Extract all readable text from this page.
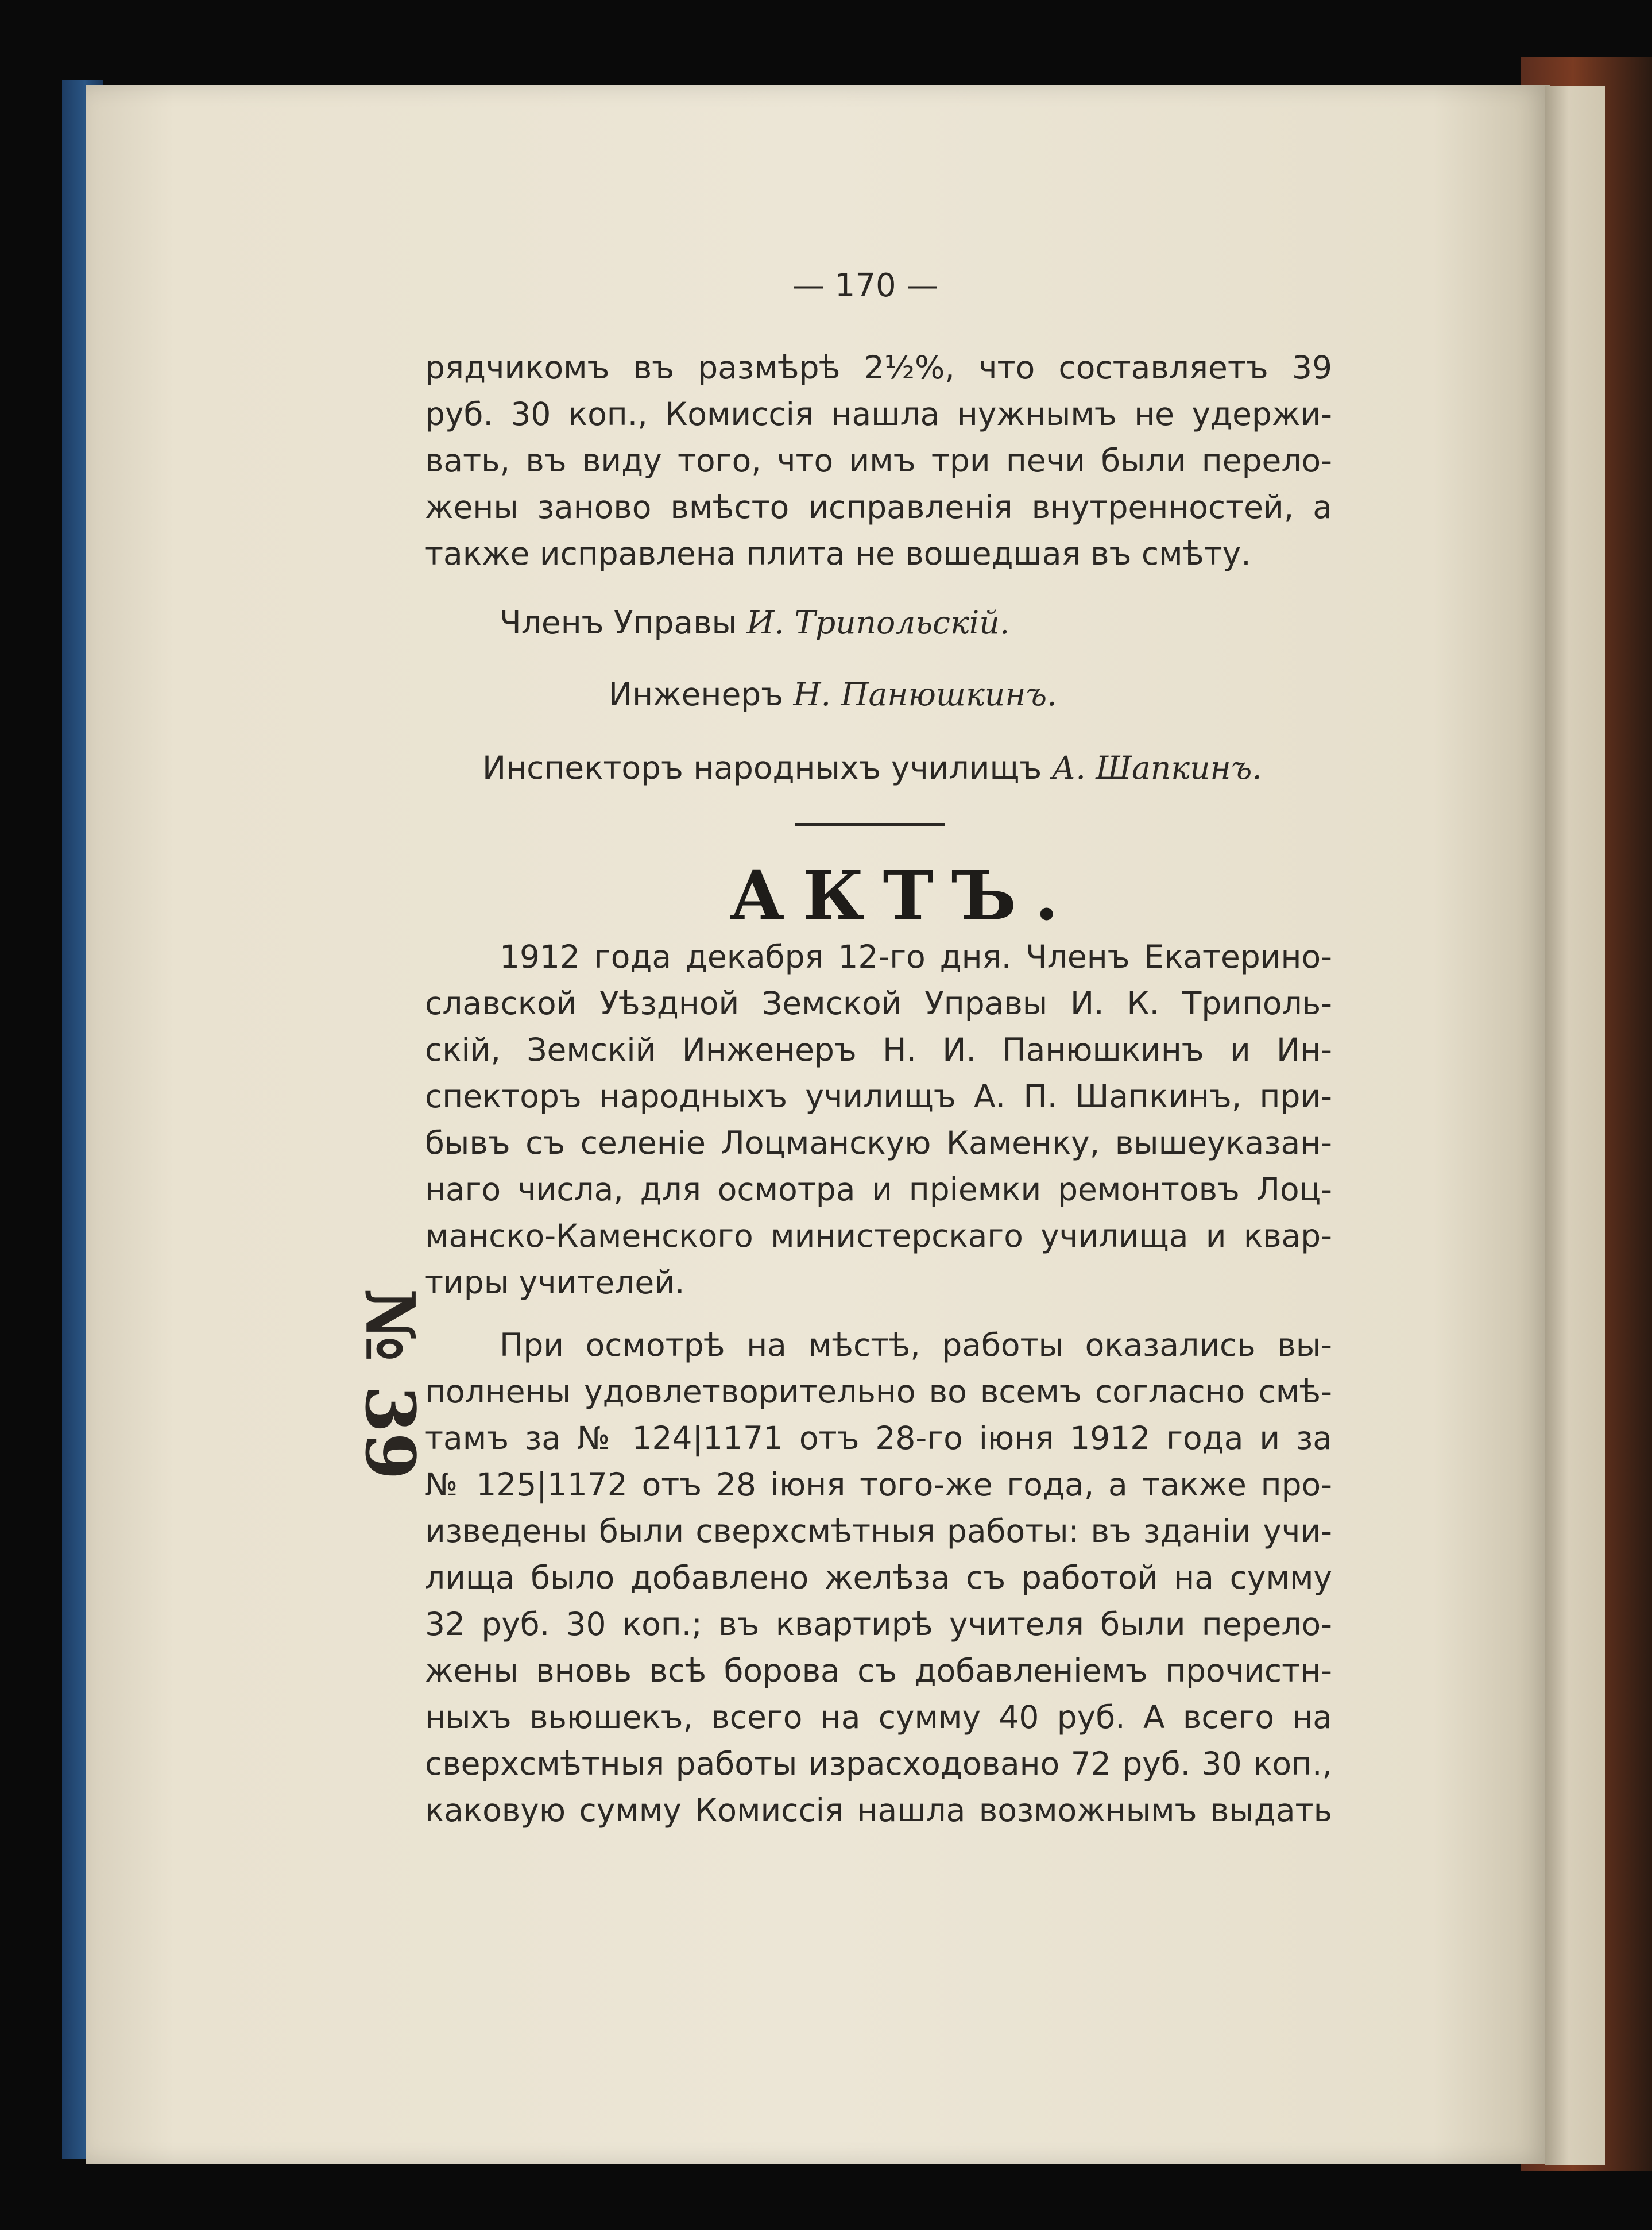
— 170 —
№ 39
рядчикомъ въ размѣрѣ 2½%, что составляетъ 39
руб. 30 коп., Комиссія нашла нужнымъ не удержи-
вать, въ виду того, что имъ три печи были перело-
жены заново вмѣсто исправленія внутренностей, а
также исправлена плита не вошедшая въ смѣту.
Членъ Управы И. Трипольскій.
Инженеръ Н. Панюшкинъ.
Инспекторъ народныхъ училищъ А. Шапкинъ.
АКТЪ.
1912 года декабря 12-го дня. Членъ Екатерино-
славской Уѣздной Земской Управы И. К. Триполь-
скій, Земскій Инженеръ Н. И. Панюшкинъ и Ин-
спекторъ народныхъ училищъ А. П. Шапкинъ, при-
бывъ съ селеніе Лоцманскую Каменку, вышеуказан-
наго числа, для осмотра и пріемки ремонтовъ Лоц-
манско-Каменского министерскаго училища и квар-
тиры учителей.
При осмотрѣ на мѣстѣ, работы оказались вы-
полнены удовлетворительно во всемъ согласно смѣ-
тамъ за № 124|1171 отъ 28-го іюня 1912 года и за
№ 125|1172 отъ 28 іюня того-же года, а также про-
изведены были сверхсмѣтныя работы: въ зданіи учи-
лища было добавлено желѣза съ работой на сумму
32 руб. 30 коп.; въ квартирѣ учителя были перело-
жены вновь всѣ борова съ добавленіемъ прочистн-
ныхъ вьюшекъ, всего на сумму 40 руб. А всего на
сверхсмѣтныя работы израсходовано 72 руб. 30 коп.,
каковую сумму Комиссія нашла возможнымъ выдать
